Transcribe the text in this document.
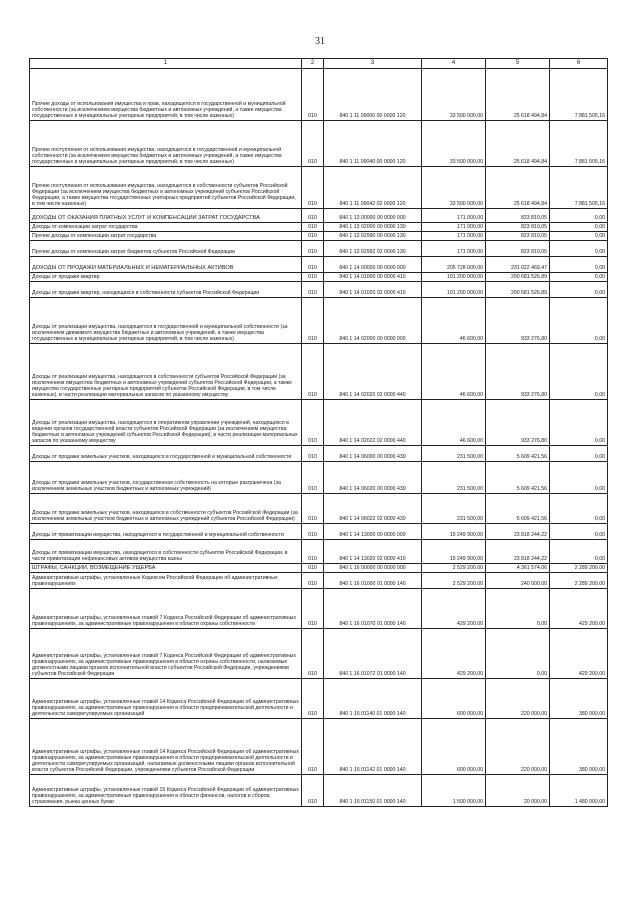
31
1	2	3	4	5	6
Прочие доходы от использования имущества и прав, находящегося в государственной и муниципальной собственности (за исключением имущества бюджетных и автономных учреждений, а также имущества государственных и муниципальных унитарных предприятий, в том числе казенных)	010	840 1 11 09000 00 0000 120	33 500 000,00	25 618 494,84	7 881 505,16
Прочие поступления от использования имущества, находящегося в государственной и муниципальной собственности (за исключением имущества бюджетных и автономных учреждений, а также имущества государственных и муниципальных унитарных предприятий, в том числе казенных)	010	840 1 11 09040 00 0000 120	33 500 000,00	25 618 494,84	7 881 505,16
Прочие поступления от использования имущества, находящегося в собственности субъектов Российской Федерации (за исключением имущества бюджетных и автономных учреждений субъектов Российской Федерации, а также имущества государственных унитарных предприятий субъектов Российской Федерации, в том числе казенных)	010	840 1 11 09042 02 0000 120	33 500 000,00	25 618 494,84	7 881 505,16
ДОХОДЫ ОТ ОКАЗАНИЯ ПЛАТНЫХ УСЛУГ И КОМПЕНСАЦИИ ЗАТРАТ ГОСУДАРСТВА	010	840 1 13 00000 00 0000 000	171 000,00	823 810,05	0,00
Доходы от компенсации затрат государства	010	840 1 13 02000 00 0000 130	171 000,00	823 810,05	0,00
Прочие доходы от компенсации затрат государства	010	840 1 13 02990 00 0000 130	171 000,00	823 810,05	0,00
Прочие доходы от компенсации затрат бюджетов субъектов Российской Федерации	010	840 1 13 02992 02 0000 130	171 000,00	823 810,05	0,00
ДОХОДЫ ОТ ПРОДАЖИ МАТЕРИАЛЬНЫХ И НЕМАТЕРИАЛЬНЫХ АКТИВОВ	010	840 1 14 00000 00 0000 000	205 728 000,00	231 022 469,47	0,00
Доходы от продажи квартир	010	840 1 14 01000 00 0000 410	191 200 000,00	200 681 526,89	0,00
Доходы от продажи квартир, находящихся в собственности субъектов Российской Федерации	010	840 1 14 01020 02 0000 410	191 200 000,00	200 681 526,89	0,00
Доходы от реализации имущества, находящегося в государственной и муниципальной собственности (за исключением движимого имущества бюджетных и автономных учреждений, а также имущества государственных и муниципальных унитарных предприятий, в том числе казенных)	010	840 1 14 02000 00 0000 000	46 600,00	933 276,80	0,00
Доходы от реализации имущества, находящегося в собственности субъектов Российской Федерации (за исключением имущества бюджетных и автономных учреждений субъектов Российской Федерации, а также имущества государственных унитарных предприятий субъектов Российской Федерации, в том числе казенных), в части реализации материальных запасов по указанному имуществу	010	840 1 14 02020 02 0000 440	46 600,00	933 276,80	0,00
Доходы от реализации имущества, находящегося в оперативном управлении учреждений, находящихся в ведении органов государственной власти субъектов Российской Федерации (за исключением имущества бюджетных и автономных учреждений субъектов Российской Федерации), в части реализации материальных запасов по указанному имуществу	010	840 1 14 02022 02 0000 440	46 600,00	933 276,80	0,00
Доходы от продажи земельных участков, находящихся в государственной и муниципальной собственности	010	840 1 14 06000 00 0000 430	231 500,00	5 609 421,56	0,00
Доходы от продажи земельных участков, государственная собственность на которые разграничена (за исключением земельных участков бюджетных и автономных учреждений)	010	840 1 14 06020 00 0000 430	231 500,00	5 609 421,56	0,00
Доходы от продажи земельных участков, находящихся в собственности субъектов Российской Федерации (за исключением земельных участков бюджетных и автономных учреждений субъектов Российской Федерации)	010	840 1 14 06022 02 0000 430	231 500,00	5 609 421,56	0,00
Доходы от приватизации имущества, находящегося в государственной и муниципальной собственности	010	840 1 14 13000 00 0000 000	15 249 900,00	23 818 244,22	0,00
Доходы от приватизации имущества, находящегося в собственности субъектов Российской Федерации, в части приватизации нефинансовых активов имущества казны	010	840 1 14 13020 02 0000 410	15 249 900,00	23 818 244,22	0,00
ШТРАФЫ, САНКЦИИ, ВОЗМЕЩЕНИЕ УЩЕРБА	010	840 1 16 00000 00 0000 000	2 529 200,00	4 361 574,06	2 289 200,00
Административные штрафы, установленные Кодексом Российской Федерации об административных правонарушениях	010	840 1 16 01000 01 0000 140	2 529 200,00	240 000,00	2 289 200,00
Административные штрафы, установленные главой 7 Кодекса Российской Федерации об административных правонарушениях, за административные правонарушения в области охраны собственности	010	840 1 16 01070 01 0000 140	429 200,00	0,00	429 200,00
Административные штрафы, установленные главой 7 Кодекса Российской Федерации об административных правонарушениях, за административные правонарушения в области охраны собственности, налагаемые должностными лицами органов исполнительной власти субъектов Российской Федерации, учреждениями субъектов Российской Федерации	010	840 1 16 01072 01 0000 140	429 200,00	0,00	429 200,00
Административные штрафы, установленные главой 14 Кодекса Российской Федерации об административных правонарушениях, за административные правонарушения в области предпринимательской деятельности и деятельности саморегулируемых организаций	010	840 1 16 01140 01 0000 140	600 000,00	220 000,00	380 000,00
Административные штрафы, установленные главой 14 Кодекса Российской Федерации об административных правонарушениях, за административные правонарушения в области предпринимательской деятельности и деятельности саморегулируемых организаций, налагаемые должностными лицами органов исполнительной власти субъектов Российской Федерации, учреждениями субъектов Российской Федерации	010	840 1 16 01142 01 0000 140	600 000,00	220 000,00	380 000,00
Административные штрафы, установленные главой 15 Кодекса Российской Федерации об административных правонарушениях, за административные правонарушения в области финансов, налогов и сборов, страхования, рынка ценных бумаг	010	840 1 16 01150 01 0000 140	1 500 000,00	20 000,00	1 480 000,00
